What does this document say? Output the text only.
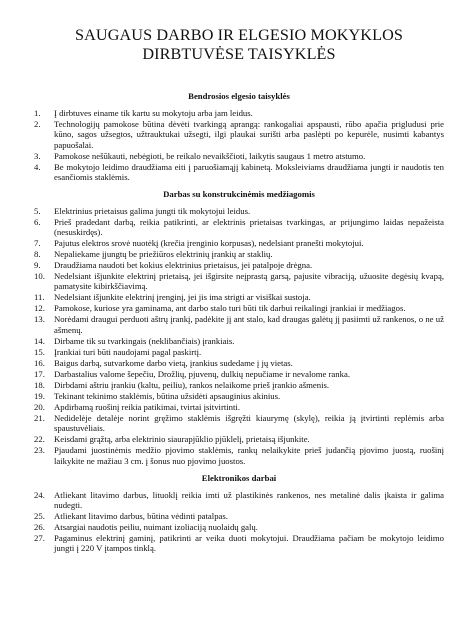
SAUGAUS DARBO IR ELGESIO MOKYKLOS
DIRBTUVĖSE TAISYKLĖS
Bendrosios elgesio taisyklės
1.	Į dirbtuves einame tik kartu su mokytoju arba jam leidus.
2.	Technologijų pamokose būtina dėvėti tvarkingą aprangą: rankogaliai apspausti, rūbo apačia prigludusi prie kūno, sagos užsegtos, užtrauktukai užsegti, ilgi plaukai surišti arba paslėpti po kepurėle, nusimti kabantys papuošalai.
3.	Pamokose nešūkauti, nebėgioti, be reikalo nevaikščioti, laikytis saugaus 1 metro atstumo.
4.	Be mokytojo leidimo draudžiama eiti į paruošiamąjį kabinetą. Moksleiviams draudžiama jungti ir naudotis ten esančiomis staklėmis.
Darbas su konstrukcinėmis medžiagomis
5.	Elektrinius prietaisus galima jungti tik mokytojui leidus.
6.	Prieš pradedant darbą, reikia patikrinti, ar elektrinis prietaisas tvarkingas, ar prijungimo laidas nepažeista (nesuskirdęs).
7.	Pajutus elektros srovė nuotėkį (krečia įrenginio korpusas), nedelsiant pranešti mokytojui.
8.	Nepaliekame įjungtų be priežiūros elektrinių įrankių ar staklių.
9.	Draudžiama naudoti bet kokius elektrinius prietaisus, jei patalpoje drėgna.
10.	Nedelsiant išjunkite elektrinį prietaisą, jei išgirsite neįprastą garsą, pajusite vibraciją, užuosite degėsių kvapą, pamatysite kibirkščiavimą.
11.	Nedelsiant išjunkite elektrinį įrenginį, jei jis ima strigti ar visiškai sustoja.
12.	Pamokose, kuriose yra gaminama, ant darbo stalo turi būti tik darbui reikalingi įrankiai ir medžiagos.
13.	Norėdami draugui perduoti aštrų įrankį, padėkite jį ant stalo, kad draugas galėtų jį pasiimti už rankenos, o ne už ašmenų.
14.	Dirbame tik su tvarkingais (neklibančiais) įrankiais.
15.	Įrankiai turi būti naudojami pagal paskirtį.
16.	Baigus darbą, sutvarkome darbo vietą, įrankius sudedame į jų vietas.
17.	Darbastalius valome šepečiu, Drožlių, pjuvenų, dulkių nepučiame ir nevalome ranka.
18.	Dirbdami aštriu įrankiu (kaltu, peiliu), rankos nelaikome prieš įrankio ašmenis.
19.	Tekinant tekinimo staklėmis, būtina užsidėti apsauginius akinius.
20.	Apdirbamą ruošinį reikia patikimai, tvirtai įsitvirtinti.
21.	Nedidelėje detalėje norint gręžimo staklėmis išgręžti kiaurymę (skylę), reikia ją įtvirtinti replėmis arba spaustuvėliais.
22.	Keisdami grąžtą, arba elektrinio siaurapjūklio pjūklelį, prietaisą išjunkite.
23.	Pjaudami juostinėmis medžio pjovimo staklėmis, rankų nelaikykite prieš judančią pjovimo juostą, ruošinį laikykite ne mažiau 3 cm. į šonus nuo pjovimo juostos.
Elektronikos darbai
24.	Atliekant litavimo darbus, lituoklį reikia imti už plastikinės rankenos, nes metalinė dalis įkaista ir galima nudegti.
25.	Atliekant litavimo darbus, būtina vėdinti patalpas.
26.	Atsargiai naudotis peiliu, nuimant izoliaciją nuolaidų galų.
27.	Pagaminus elektrinį gaminį, patikrinti ar veika duoti mokytojui. Draudžiama pačiam be mokytojo leidimo jungti į 220 V įtampos tinklą.
